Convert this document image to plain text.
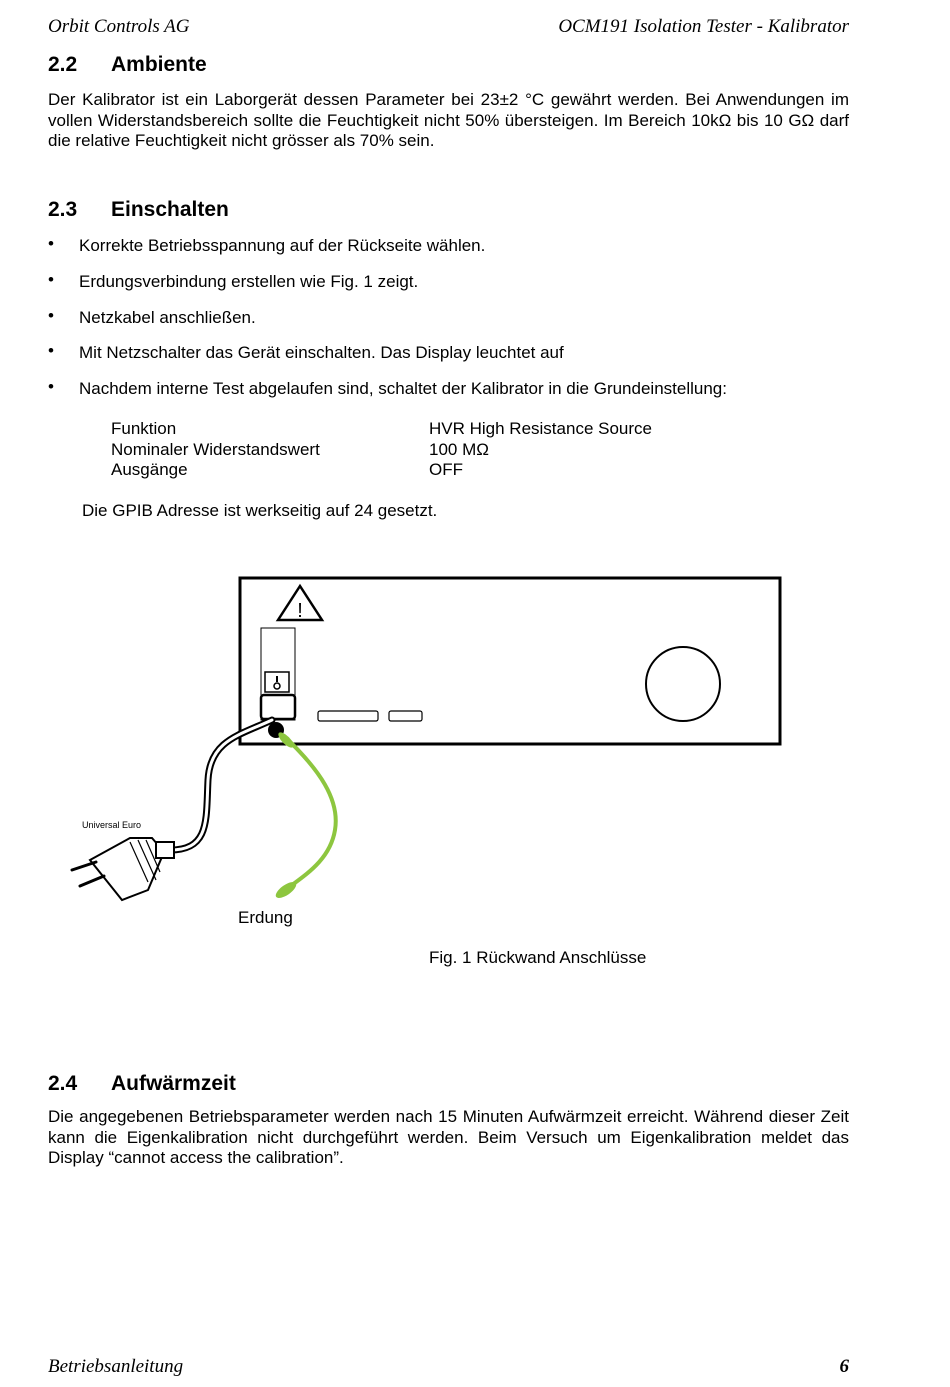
Orbit Controls AG	OCM191 Isolation Tester - Kalibrator
2.2 Ambiente
Der Kalibrator ist ein Laborgerät dessen Parameter bei 23±2 °C gewährt werden. Bei Anwendungen im vollen Widerstandsbereich sollte die Feuchtigkeit nicht 50% übersteigen. Im Bereich 10kΩ bis 10 GΩ darf die relative Feuchtigkeit nicht grösser als 70% sein.
2.3 Einschalten
• Korrekte Betriebsspannung auf der Rückseite wählen.
• Erdungsverbindung erstellen wie Fig. 1 zeigt.
• Netzkabel anschließen.
• Mit Netzschalter das Gerät einschalten. Das Display leuchtet auf
• Nachdem interne Test abgelaufen sind, schaltet der Kalibrator in die Grundeinstellung:
Funktion	HVR High Resistance Source
Nominaler Widerstandswert	100 MΩ
Ausgänge	OFF
Die GPIB Adresse ist werkseitig auf 24 gesetzt.
!
Universal Euro
Erdung
Fig. 1 Rückwand Anschlüsse
2.4 Aufwärmzeit
Die angegebenen Betriebsparameter werden nach 15 Minuten Aufwärmzeit erreicht. Während dieser Zeit kann die Eigenkalibration nicht durchgeführt werden. Beim Versuch um Eigenkalibration meldet das Display “cannot access the calibration”.
Betriebsanleitung	6
